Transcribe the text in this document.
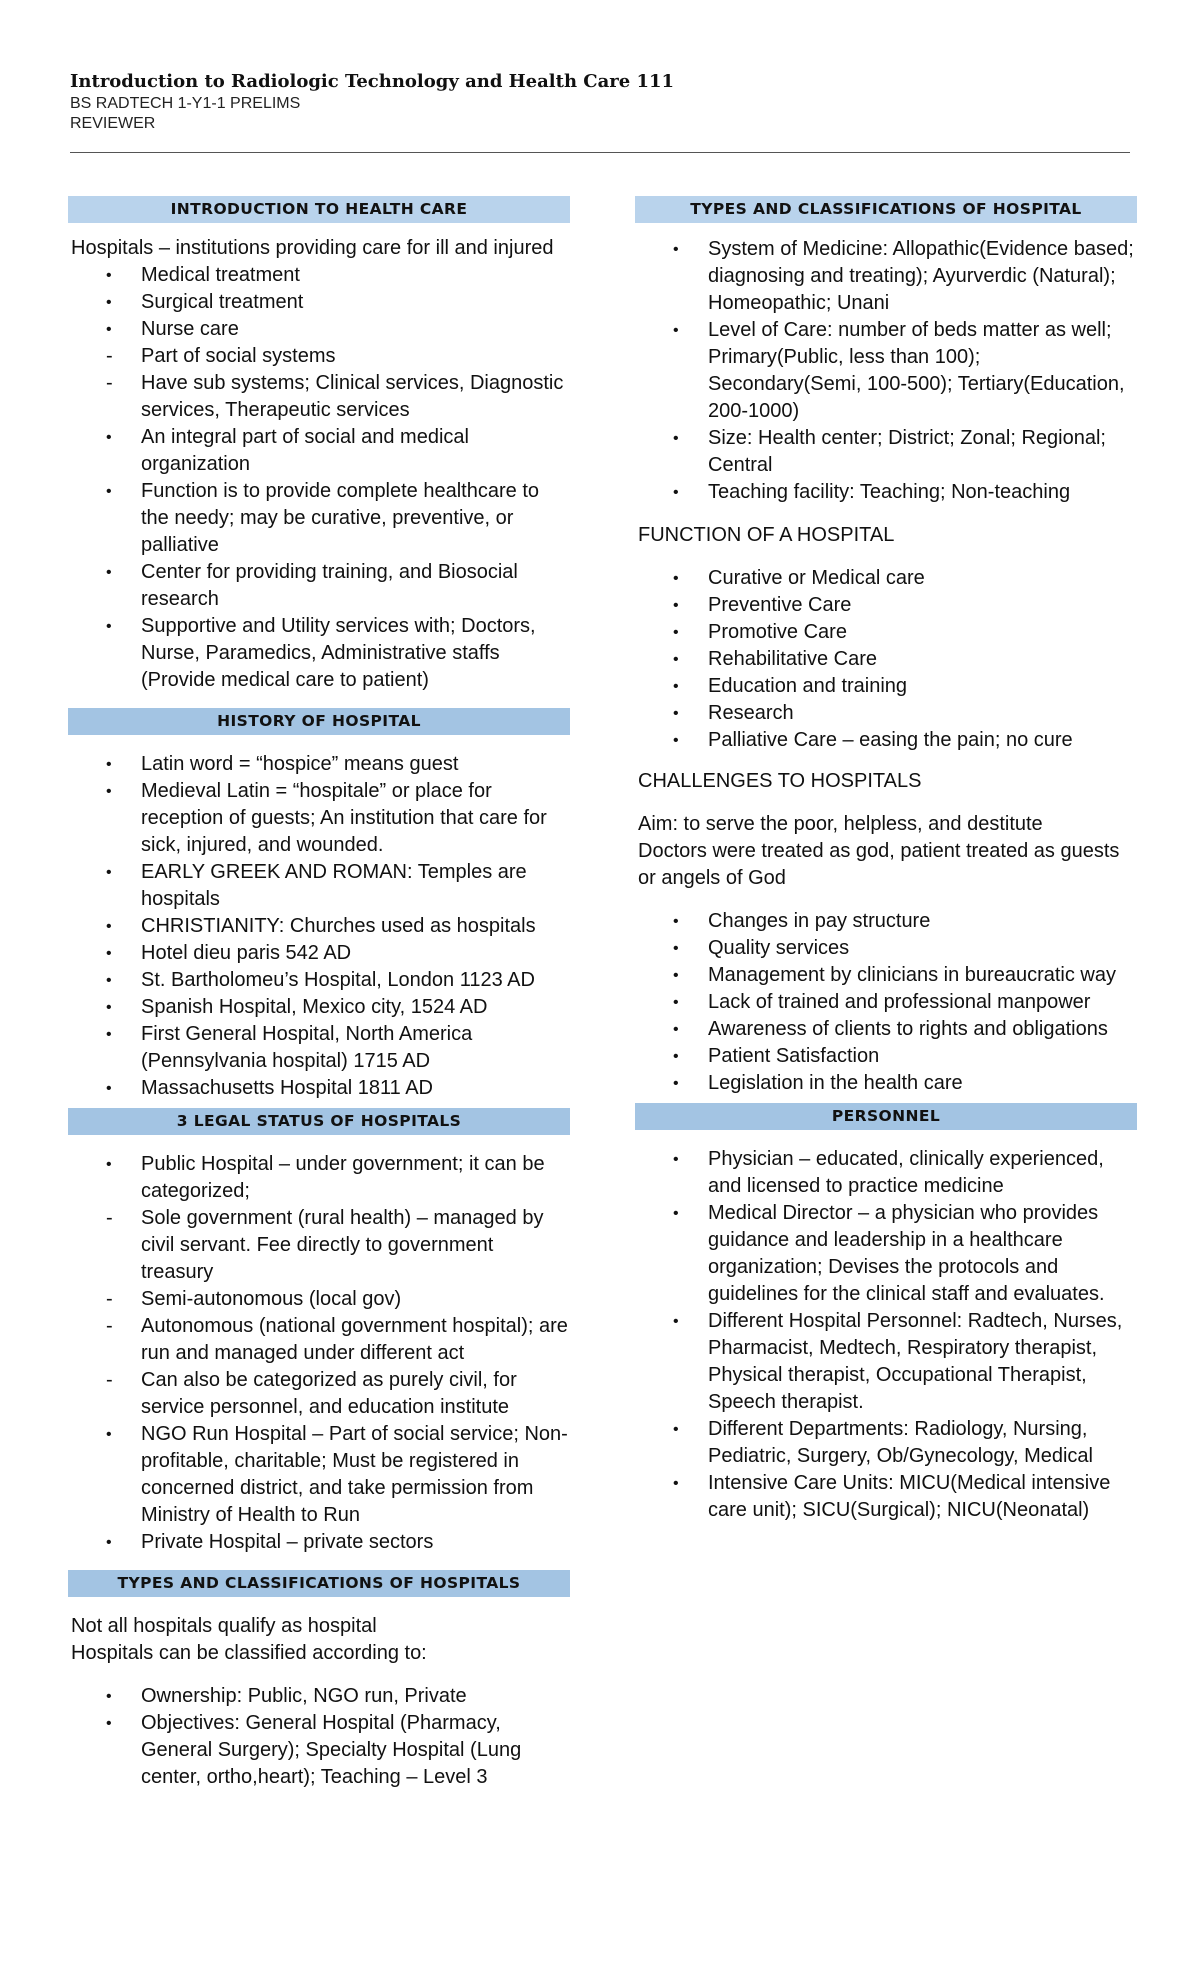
Introduction to Radiologic Technology and Health Care 111
BS RADTECH 1-Y1-1 PRELIMS
REVIEWER
INTRODUCTION TO HEALTH CARE
Hospitals – institutions providing care for ill and injured
• Medical treatment
• Surgical treatment
• Nurse care
- Part of social systems
- Have sub systems; Clinical services, Diagnostic services, Therapeutic services
• An integral part of social and medical organization
• Function is to provide complete healthcare to the needy; may be curative, preventive, or palliative
• Center for providing training, and Biosocial research
• Supportive and Utility services with; Doctors, Nurse, Paramedics, Administrative staffs (Provide medical care to patient)
HISTORY OF HOSPITAL
• Latin word = “hospice” means guest
• Medieval Latin = “hospitale” or place for reception of guests; An institution that care for sick, injured, and wounded.
• EARLY GREEK AND ROMAN: Temples are hospitals
• CHRISTIANITY: Churches used as hospitals
• Hotel dieu paris 542 AD
• St. Bartholomeu’s Hospital, London 1123 AD
• Spanish Hospital, Mexico city, 1524 AD
• First General Hospital, North America (Pennsylvania hospital) 1715 AD
• Massachusetts Hospital 1811 AD
3 LEGAL STATUS OF HOSPITALS
• Public Hospital – under government; it can be categorized;
- Sole government (rural health) – managed by civil servant. Fee directly to government treasury
- Semi-autonomous (local gov)
- Autonomous (national government hospital); are run and managed under different act
- Can also be categorized as purely civil, for service personnel, and education institute
• NGO Run Hospital – Part of social service; Non-profitable, charitable; Must be registered in concerned district, and take permission from Ministry of Health to Run
• Private Hospital – private sectors
TYPES AND CLASSIFICATIONS OF HOSPITALS
Not all hospitals qualify as hospital
Hospitals can be classified according to:
• Ownership: Public, NGO run, Private
• Objectives: General Hospital (Pharmacy, General Surgery); Specialty Hospital (Lung center, ortho,heart); Teaching – Level 3
TYPES AND CLASSIFICATIONS OF HOSPITAL
• System of Medicine: Allopathic(Evidence based; diagnosing and treating); Ayurverdic (Natural); Homeopathic; Unani
• Level of Care: number of beds matter as well; Primary(Public, less than 100); Secondary(Semi, 100-500); Tertiary(Education, 200-1000)
• Size: Health center; District; Zonal; Regional; Central
• Teaching facility: Teaching; Non-teaching
FUNCTION OF A HOSPITAL
• Curative or Medical care
• Preventive Care
• Promotive Care
• Rehabilitative Care
• Education and training
• Research
• Palliative Care – easing the pain; no cure
CHALLENGES TO HOSPITALS
Aim: to serve the poor, helpless, and destitute
Doctors were treated as god, patient treated as guests or angels of God
• Changes in pay structure
• Quality services
• Management by clinicians in bureaucratic way
• Lack of trained and professional manpower
• Awareness of clients to rights and obligations
• Patient Satisfaction
• Legislation in the health care
PERSONNEL
• Physician – educated, clinically experienced, and licensed to practice medicine
• Medical Director – a physician who provides guidance and leadership in a healthcare organization; Devises the protocols and guidelines for the clinical staff and evaluates.
• Different Hospital Personnel: Radtech, Nurses, Pharmacist, Medtech, Respiratory therapist, Physical therapist, Occupational Therapist, Speech therapist.
• Different Departments: Radiology, Nursing, Pediatric, Surgery, Ob/Gynecology, Medical
• Intensive Care Units: MICU(Medical intensive care unit); SICU(Surgical); NICU(Neonatal)
